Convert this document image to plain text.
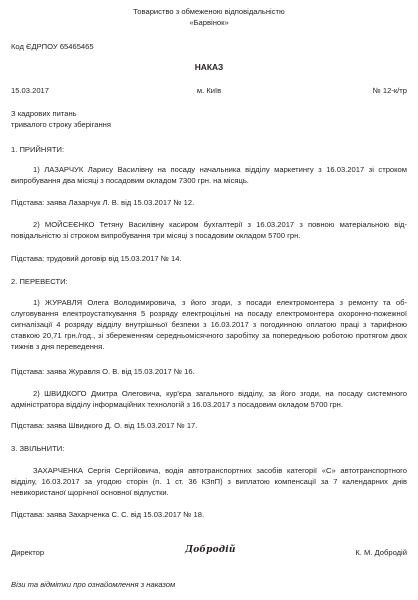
Товариство з обмеженою відповідальністю
«Барвінок»
Код ЄДРПОУ 65465465
НАКАЗ
15.03.2017	м. Київ	№ 12-к/тр
З кадрових питань
тривалого строку зберігання
1. ПРИЙНЯТИ:
1) ЛАЗАРЧУК Ларису Василівну на посаду начальника відділу маркетингу з 16.03.2017 зі строком випробування два місяці з посадовим окладом 7300 грн. на місяць.
Підстава: заява Лазарчук Л. В. від 15.03.2017 № 12.
2) МОЙСЕЄНКО Тетяну Василівну касиром бухгалтерії з 16.03.2017 з повною матеріальною відповідальністю зі строком випробування три місяці з посадовим окладом 5700 грн.
Підстава: трудовий договір від 15.03.2017 № 14.
2. ПЕРЕВЕСТИ:
1) ЖУРАВЛЯ Олега Володимировича, з його згоди, з посади електромонтера з ремонту та обслуговування електроустаткування 5 розряду електроцільні на посаду електромонтера охоронно-пожежної сигналізації 4 розряду відділу внутрішньої безпеки з 16.03.2017 з погодинною оплатою праці з тарифною ставкою 20,71 грн./год., зі збереженням середньомісячного заробітку за попередньою роботою протягом двох тижнів з дня переведення.
Підстава: заява Журавля О. В. від 15.03.2017 № 16.
2) ШВИДКОГО Дмитра Олеговича, кур'єра загального відділу, за його згоди, на посаду системного адміністратора відділу інформаційних технологій з 16.03.2017 з посадовим окладом 5700 грн.
Підстава: заява Швидкого Д. О. від 15.03.2017 № 17.
3. ЗВІЛЬНИТИ:
ЗАХАРЧЕНКА Сергія Сергійовича, водія автотранспортних засобів категорії «С» автотранспортного відділу, 16.03.2017 за угодою сторін (п. 1 ст. 36 КЗпП) з виплатою компенсації за 7 календарних днів невикористаної щорічної основної відпустки.
Підстава: заява Захарченка С. С. від 15.03.2017 № 18.
Директор	Добродій	К. М. Добродій
Візи та відмітки про ознайомлення з наказом
